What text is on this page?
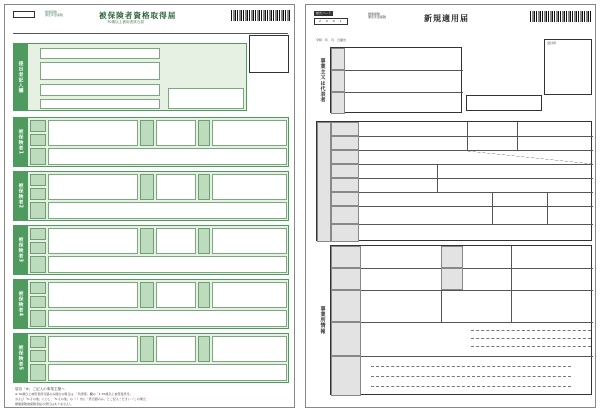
健康保険
厚生年金保険	被保険者資格取得届
70歳以上被用者該当届
提出者記入欄
被保険者1
被保険者2
被保険者3
被保険者4
被保険者5
届出「※」ご記入の事業主様へ
※ 70歳以上被用者該当届のみ提出の場合は、「所得等」欄の「1.70歳以上被用者該当」
および「5.その他」に○し、「5.その他」の（ ）内に「該当届のみ」とご記入ください（この場合、
健康保険被保険者証の発行はありません）。
様式コード
2 0 0 1
健康保険
厚生年金保険	新規適用届
令和　年　月　日提出
受付印
事業主又は代表者
事業所情報
